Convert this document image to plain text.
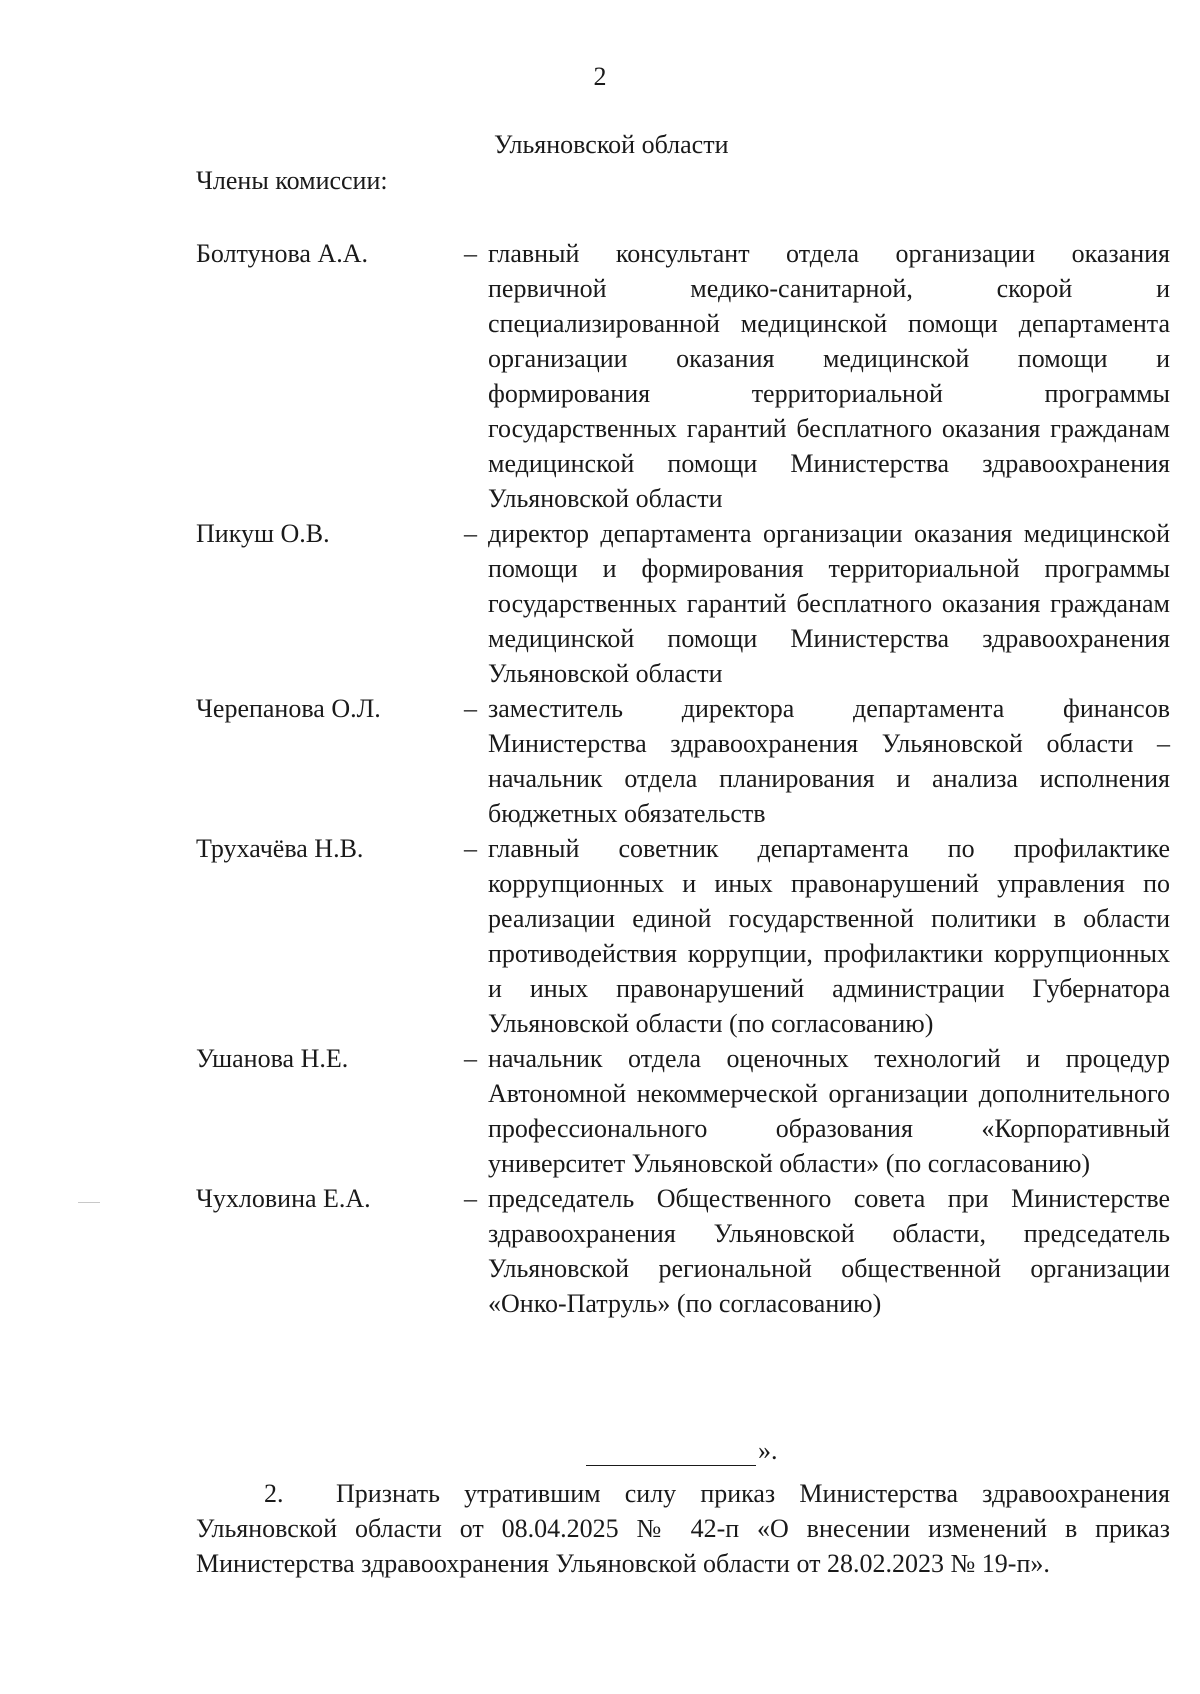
2
Ульяновской области
Члены комиссии:
Болтунова А.А.	– главный консультант отдела организации оказания первичной медико-санитарной, скорой и специализированной медицинской помощи департамента организации оказания медицинской помощи и формирования территориальной программы государственных гарантий бесплатного оказания гражданам медицинской помощи Министерства здравоохранения Ульяновской области
Пикуш О.В.	– директор департамента организации оказания медицинской помощи и формирования территориальной программы государственных гарантий бесплатного оказания гражданам медицинской помощи Министерства здравоохранения Ульяновской области
Черепанова О.Л.	– заместитель директора департамента финансов Министерства здравоохранения Ульяновской области – начальник отдела планирования и анализа исполнения бюджетных обязательств
Трухачёва Н.В.	– главный советник департамента по профилактике коррупционных и иных правонарушений управления по реализации единой государственной политики в области противодействия коррупции, профилактики коррупционных и иных правонарушений администрации Губернатора Ульяновской области (по согласованию)
Ушанова Н.Е.	– начальник отдела оценочных технологий и процедур Автономной некоммерческой организации дополнительного профессионального образования «Корпоративный университет Ульяновской области» (по согласованию)
Чухловина Е.А.	– председатель Общественного совета при Министерстве здравоохранения Ульяновской области, председатель Ульяновской региональной общественной организации «Онко-Патруль» (по согласованию)
».
2. Признать утратившим силу приказ Министерства здравоохранения Ульяновской области от 08.04.2025 № 42-п «О внесении изменений в приказ Министерства здравоохранения Ульяновской области от 28.02.2023 № 19-п».
